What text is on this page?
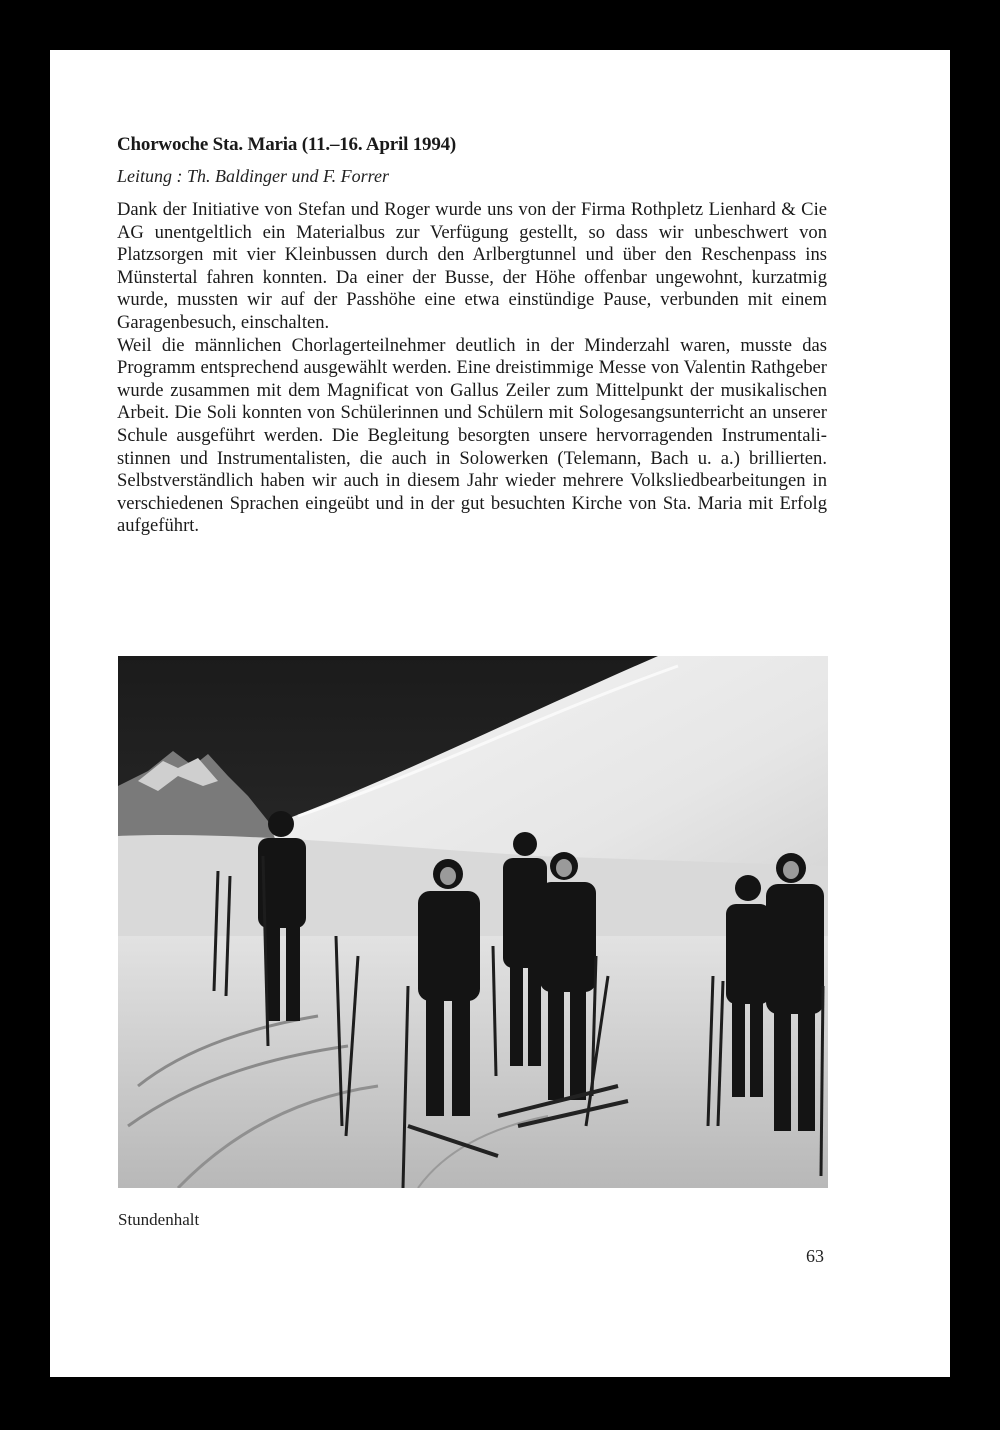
Chorwoche Sta. Maria (11.–16. April 1994)
Leitung : Th. Baldinger und F. Forrer

Dank der Initiative von Stefan und Roger wurde uns von der Firma Rothpletz Lienhard & Cie AG unentgeltlich ein Materialbus zur Verfügung gestellt, so dass wir unbeschwert von Platzsorgen mit vier Kleinbussen durch den Arlbergtunnel und über den Reschenpass ins Münstertal fahren konnten. Da einer der Busse, der Höhe offenbar ungewohnt, kurzatmig wurde, mussten wir auf der Passhöhe eine etwa einstündige Pause, verbunden mit einem Garagenbesuch, einschalten.

Weil die männlichen Chorlagerteilnehmer deutlich in der Minderzahl waren, musste das Programm entsprechend ausgewählt werden. Eine dreistimmige Messe von Valentin Rathgeber wurde zusammen mit dem Magnificat von Gallus Zeiler zum Mittelpunkt der musikalischen Arbeit. Die Soli konnten von Schülerinnen und Schülern mit Sologesangsunterricht an unserer Schule ausgeführt werden. Die Begleitung besorgten unsere hervorragenden Instrumentalistinnen und Instrumentalisten, die auch in Solowerken (Telemann, Bach u. a.) brillierten. Selbstverständlich haben wir auch in diesem Jahr wieder mehrere Volksliedbearbeitungen in verschiedenen Sprachen eingeübt und in der gut besuchten Kirche von Sta. Maria mit Erfolg aufgeführt.

Stundenhalt
63
